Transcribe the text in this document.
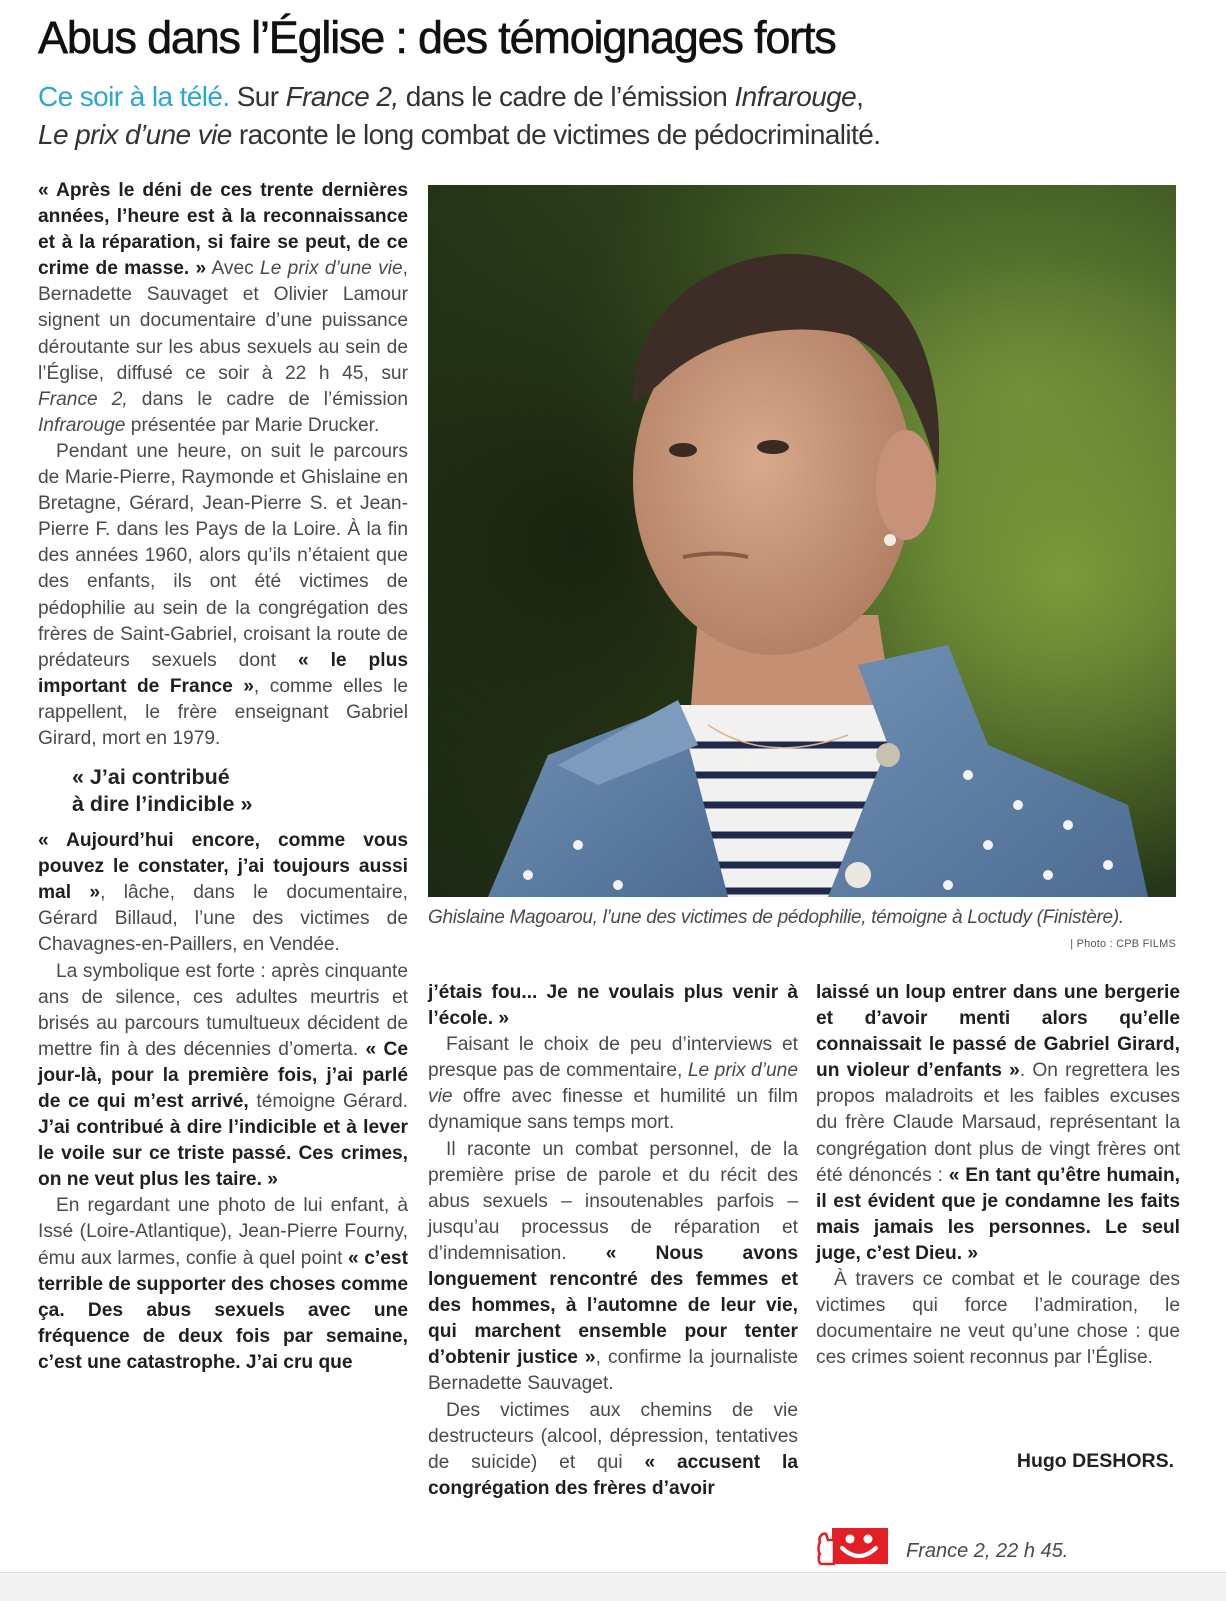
Abus dans l’Église : des témoignages forts

Ce soir à la télé. Sur France 2, dans le cadre de l’émission Infrarouge,
Le prix d’une vie raconte le long combat de victimes de pédocriminalité.

« Après le déni de ces trente dernières années, l’heure est à la reconnaissance et à la réparation, si faire se peut, de ce crime de masse. » Avec Le prix d’une vie, Bernadette Sauvaget et Olivier Lamour signent un documentaire d’une puissance déroutante sur les abus sexuels au sein de l’Église, diffusé ce soir à 22 h 45, sur France 2, dans le cadre de l’émission Infrarouge présentée par Marie Drucker.

Pendant une heure, on suit le parcours de Marie-Pierre, Raymonde et Ghislaine en Bretagne, Gérard, Jean-Pierre S. et Jean-Pierre F. dans les Pays de la Loire. À la fin des années 1960, alors qu’ils n’étaient que des enfants, ils ont été victimes de pédophilie au sein de la congrégation des frères de Saint-Gabriel, croisant la route de prédateurs sexuels dont « le plus important de France », comme elles le rappellent, le frère enseignant Gabriel Girard, mort en 1979.

« J’ai contribué
à dire l’indicible »

« Aujourd’hui encore, comme vous pouvez le constater, j’ai toujours aussi mal », lâche, dans le documentaire, Gérard Billaud, l’une des victimes de Chavagnes-en-Paillers, en Vendée.

La symbolique est forte : après cinquante ans de silence, ces adultes meurtris et brisés au parcours tumultueux décident de mettre fin à des décennies d’omerta. « Ce jour-là, pour la première fois, j’ai parlé de ce qui m’est arrivé, témoigne Gérard. J’ai contribué à dire l’indicible et à lever le voile sur ce triste passé. Ces crimes, on ne veut plus les taire. »

En regardant une photo de lui enfant, à Issé (Loire-Atlantique), Jean-Pierre Fourny, ému aux larmes, confie à quel point « c’est terrible de supporter des choses comme ça. Des abus sexuels avec une fréquence de deux fois par semaine, c’est une catastrophe. J’ai cru que

Ghislaine Magoarou, l’une des victimes de pédophilie, témoigne à Loctudy (Finistère).
| Photo : CPB FILMS

j’étais fou... Je ne voulais plus venir à l’école. »

Faisant le choix de peu d’interviews et presque pas de commentaire, Le prix d’une vie offre avec finesse et humilité un film dynamique sans temps mort.

Il raconte un combat personnel, de la première prise de parole et du récit des abus sexuels – insoutenables parfois – jusqu’au processus de réparation et d’indemnisation. « Nous avons longuement rencontré des femmes et des hommes, à l’automne de leur vie, qui marchent ensemble pour tenter d’obtenir justice », confirme la journaliste Bernadette Sauvaget.

Des victimes aux chemins de vie destructeurs (alcool, dépression, tentatives de suicide) et qui « accusent la congrégation des frères d’avoir

laissé un loup entrer dans une bergerie et d’avoir menti alors qu’elle connaissait le passé de Gabriel Girard, un violeur d’enfants ». On regrettera les propos maladroits et les faibles excuses du frère Claude Marsaud, représentant la congrégation dont plus de vingt frères ont été dénoncés : « En tant qu’être humain, il est évident que je condamne les faits mais jamais les personnes. Le seul juge, c’est Dieu. »

À travers ce combat et le courage des victimes qui force l’admiration, le documentaire ne veut qu’une chose : que ces crimes soient reconnus par l’Église.

Hugo DESHORS.
France 2, 22 h 45.
